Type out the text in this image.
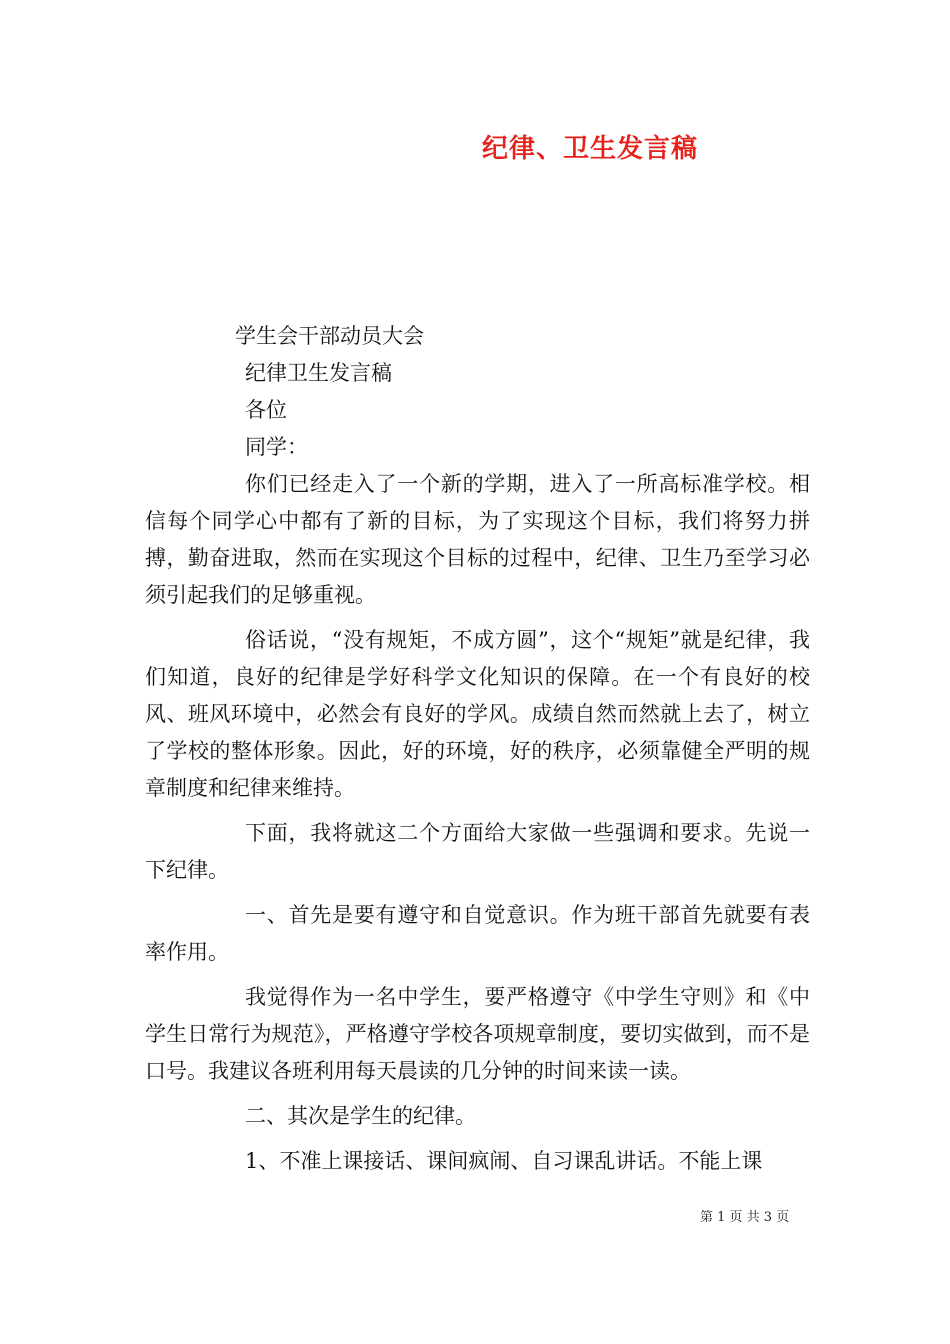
纪律、卫生发言稿
学生会干部动员大会
纪律卫生发言稿
各位
同学：

你们已经走入了一个新的学期，进入了一所高标准学校。相信每个同学心中都有了新的目标，为了实现这个目标，我们将努力拼搏，勤奋进取，然而在实现这个目标的过程中，纪律、卫生乃至学习必须引起我们的足够重视。

俗话说，“没有规矩，不成方圆”，这个“规矩”就是纪律，我们知道，良好的纪律是学好科学文化知识的保障。在一个有良好的校风、班风环境中，必然会有良好的学风。成绩自然而然就上去了，树立了学校的整体形象。因此，好的环境，好的秩序，必须靠健全严明的规章制度和纪律来维持。

下面，我将就这二个方面给大家做一些强调和要求。先说一下纪律。

一、首先是要有遵守和自觉意识。作为班干部首先就要有表率作用。

我觉得作为一名中学生，要严格遵守《中学生守则》和《中学生日常行为规范》，严格遵守学校各项规章制度，要切实做到，而不是口号。我建议各班利用每天晨读的几分钟的时间来读一读。

二、其次是学生的纪律。

1、不准上课接话、课间疯闹、自习课乱讲话。不能上课

第 1 页 共 3 页
